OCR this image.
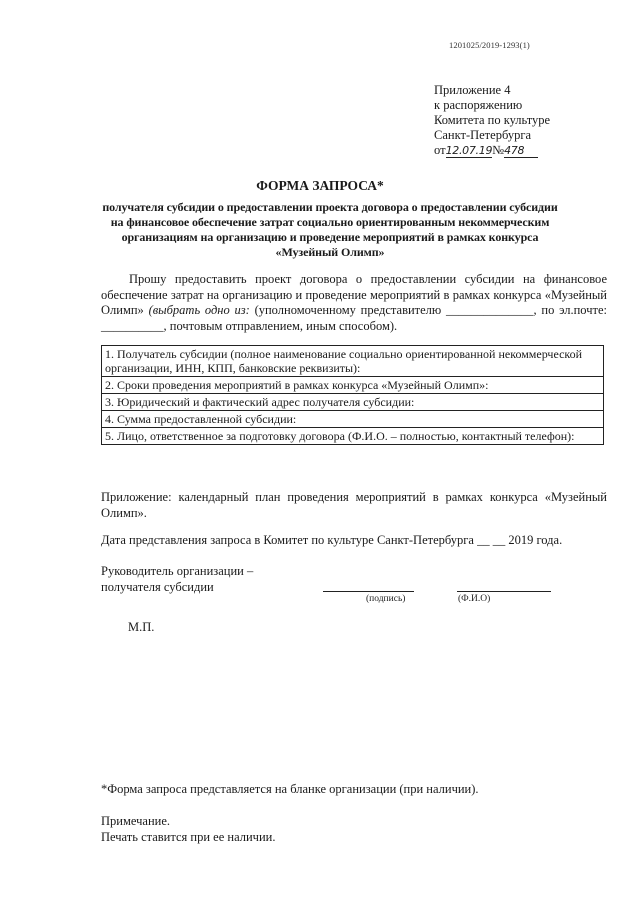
1201025/2019-1293(1)
Приложение 4
к распоряжению
Комитета по культуре
Санкт-Петербурга
от12.07.19№478
ФОРМА ЗАПРОСА*
получателя субсидии о предоставлении проекта договора о предоставлении субсидии
на финансовое обеспечение затрат социально ориентированным некоммерческим
организациям на организацию и проведение мероприятий в рамках конкурса
«Музейный Олимп»
Прошу предоставить проект договора о предоставлении субсидии на финансовое обеспечение затрат на организацию и проведение мероприятий в рамках конкурса «Музейный Олимп» (выбрать одно из: (уполномоченному представителю ______________, по эл.почте: __________, почтовым отправлением, иным способом).
1. Получатель субсидии (полное наименование социально ориентированной некоммерческой организации, ИНН, КПП, банковские реквизиты):
2. Сроки проведения мероприятий в рамках конкурса «Музейный Олимп»:
3. Юридический и фактический адрес получателя субсидии:
4. Сумма предоставленной субсидии:
5. Лицо, ответственное за подготовку договора (Ф.И.О. – полностью, контактный телефон):
Приложение: календарный план проведения мероприятий в рамках конкурса «Музейный Олимп».
Дата представления запроса в Комитет по культуре Санкт-Петербурга __ __ 2019 года.
Руководитель организации –
получателя субсидии
(подпись)	(Ф.И.О)
М.П.
*Форма запроса представляется на бланке организации (при наличии).
Примечание.
Печать ставится при ее наличии.
